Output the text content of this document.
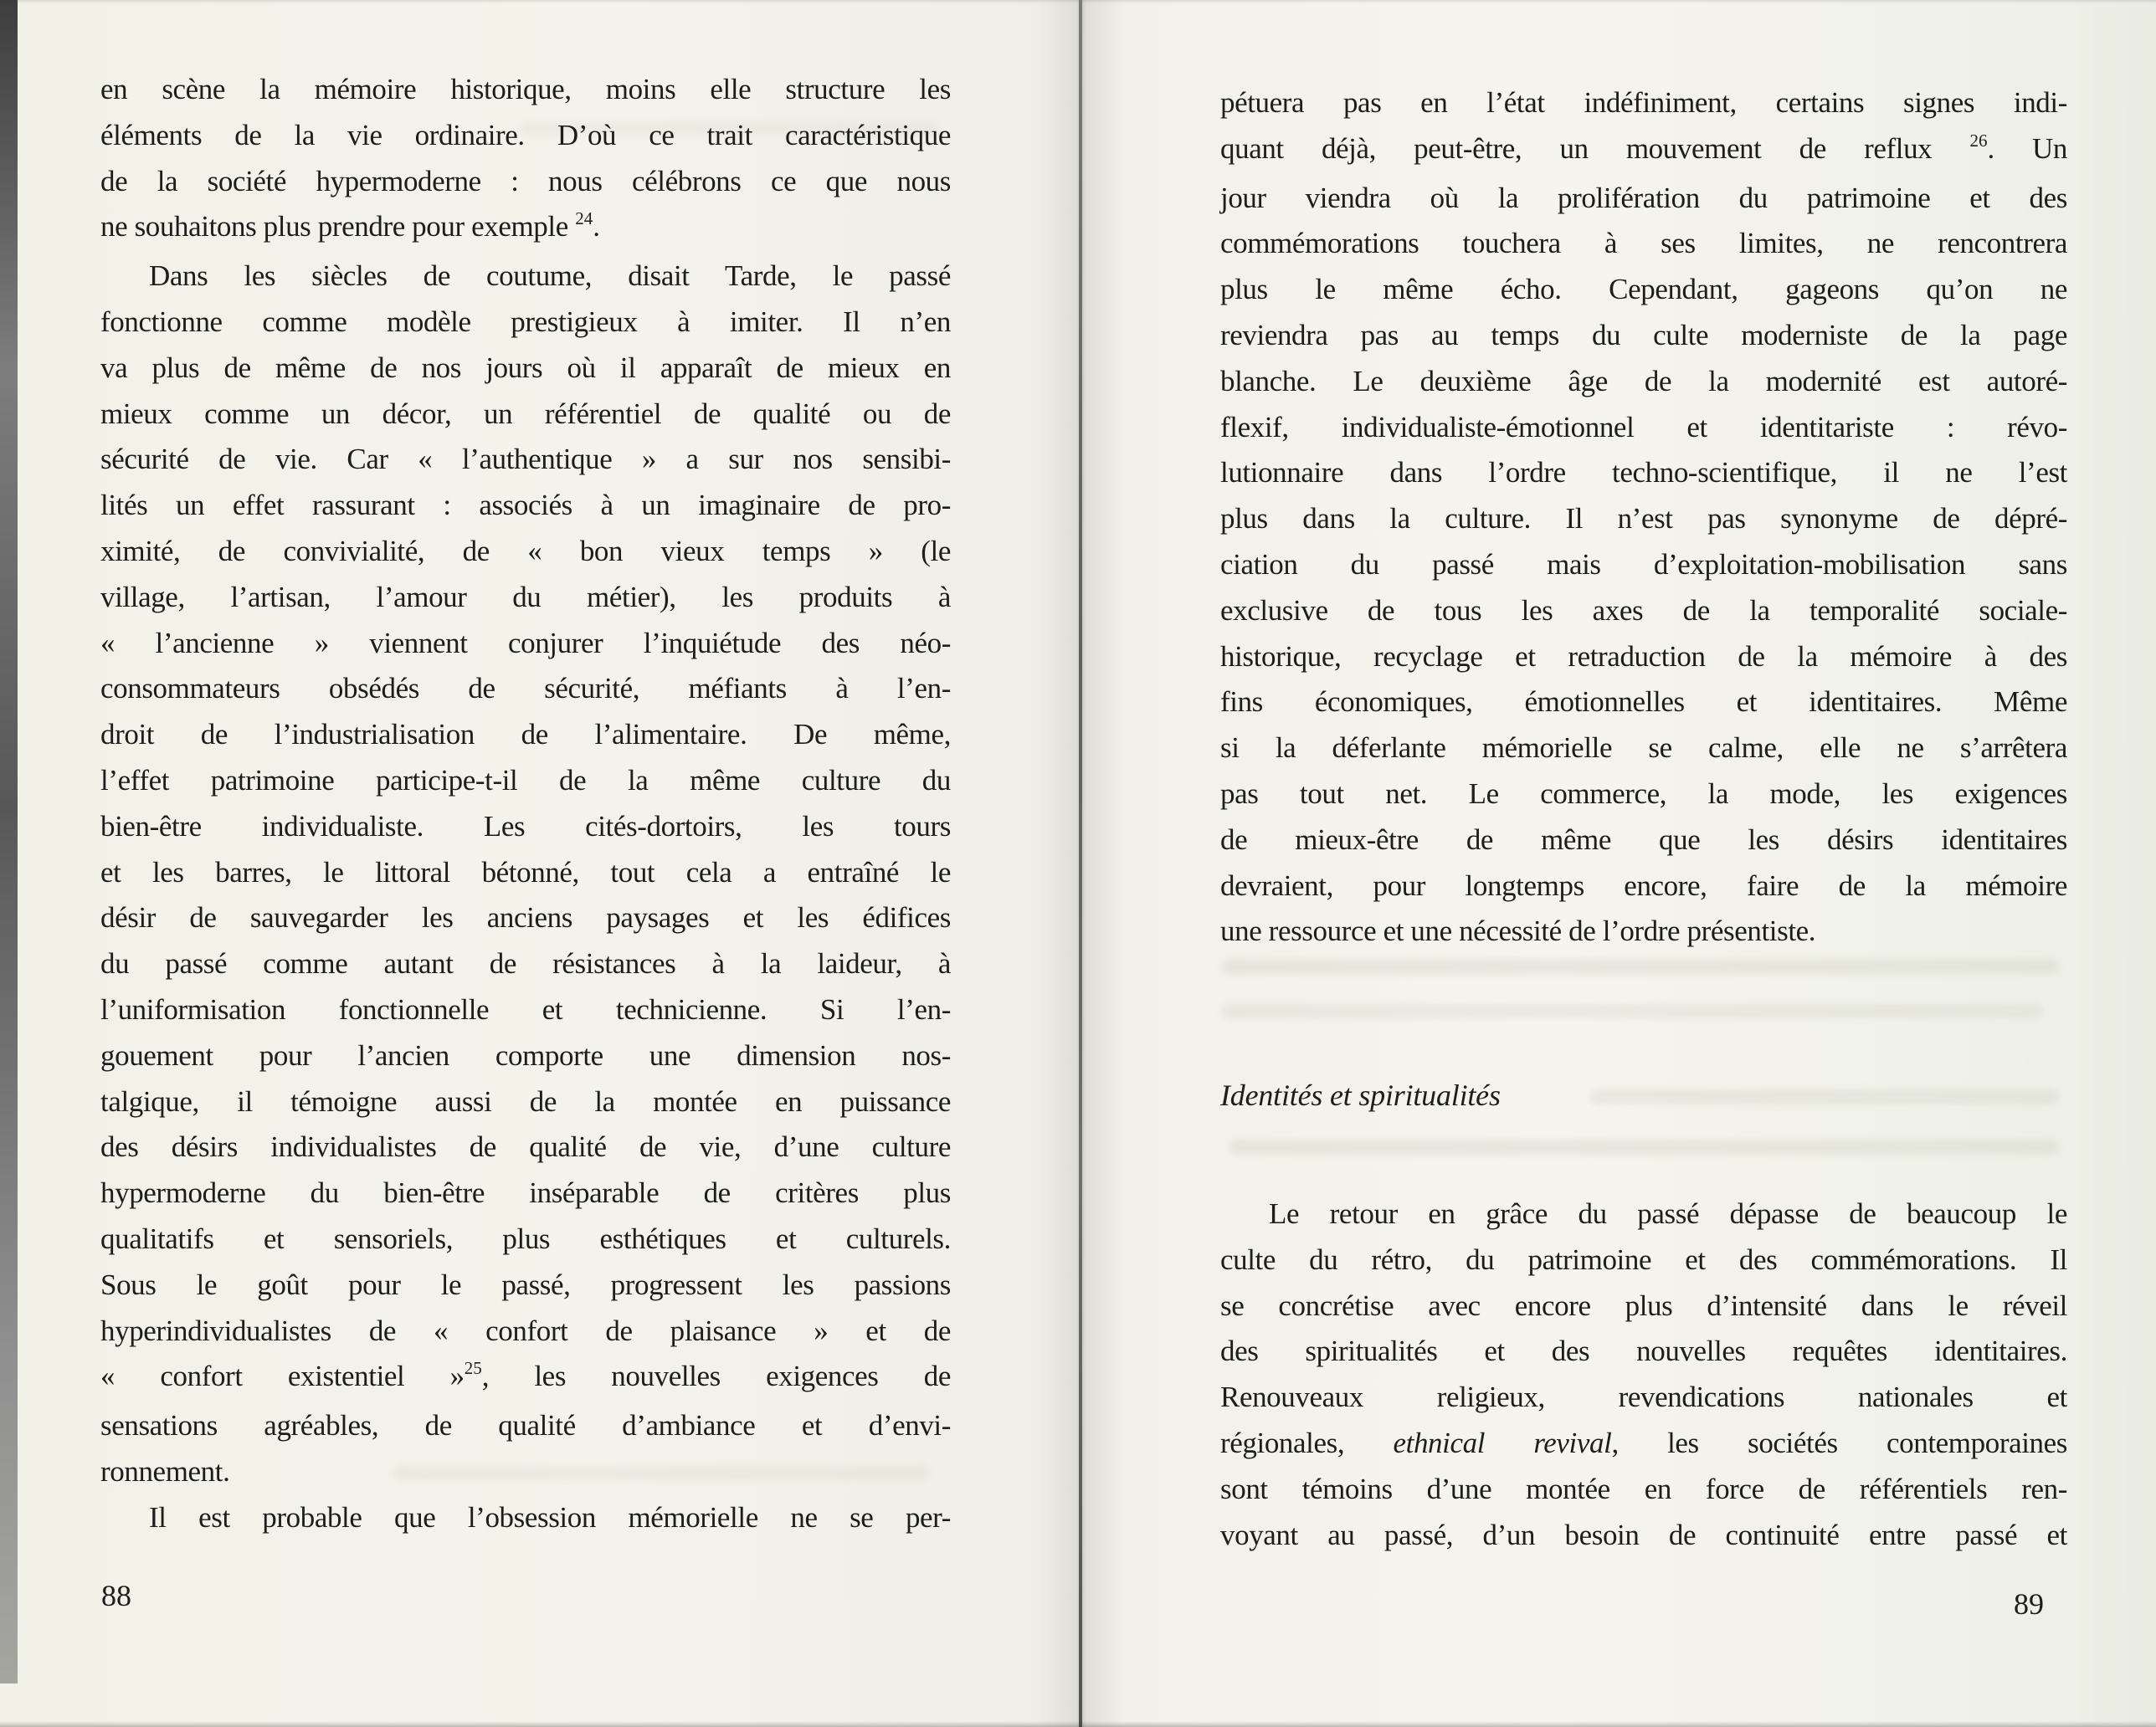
en scène la mémoire historique, moins elle structure les
éléments de la vie ordinaire. D’où ce trait caractéristique
de la société hypermoderne : nous célébrons ce que nous
ne souhaitons plus prendre pour exemple $^{24}$.
Dans les siècles de coutume, disait Tarde, le passé
fonctionne comme modèle prestigieux à imiter. Il n’en
va plus de même de nos jours où il apparaît de mieux en
mieux comme un décor, un référentiel de qualité ou de
sécurité de vie. Car « l’authentique » a sur nos sensibi-
lités un effet rassurant : associés à un imaginaire de pro-
ximité, de convivialité, de « bon vieux temps » (le
village, l’artisan, l’amour du métier), les produits à
« l’ancienne » viennent conjurer l’inquiétude des néo-
consommateurs obsédés de sécurité, méfiants à l’en-
droit de l’industrialisation de l’alimentaire. De même,
l’effet patrimoine participe-t-il de la même culture du
bien-être individualiste. Les cités-dortoirs, les tours
et les barres, le littoral bétonné, tout cela a entraîné le
désir de sauvegarder les anciens paysages et les édifices
du passé comme autant de résistances à la laideur, à
l’uniformisation fonctionnelle et technicienne. Si l’en-
gouement pour l’ancien comporte une dimension nos-
talgique, il témoigne aussi de la montée en puissance
des désirs individualistes de qualité de vie, d’une culture
hypermoderne du bien-être inséparable de critères plus
qualitatifs et sensoriels, plus esthétiques et culturels.
Sous le goût pour le passé, progressent les passions
hyperindividualistes de « confort de plaisance » et de
« confort existentiel »$^{25}$, les nouvelles exigences de
sensations agréables, de qualité d’ambiance et d’envi-
ronnement.
Il est probable que l’obsession mémorielle ne se per-
88
pétuera pas en l’état indéfiniment, certains signes indi-
quant déjà, peut-être, un mouvement de reflux $^{26}$. Un
jour viendra où la prolifération du patrimoine et des
commémorations touchera à ses limites, ne rencontrera
plus le même écho. Cependant, gageons qu’on ne
reviendra pas au temps du culte moderniste de la page
blanche. Le deuxième âge de la modernité est autoré-
flexif, individualiste-émotionnel et identitariste : révo-
lutionnaire dans l’ordre techno-scientifique, il ne l’est
plus dans la culture. Il n’est pas synonyme de dépré-
ciation du passé mais d’exploitation-mobilisation sans
exclusive de tous les axes de la temporalité sociale-
historique, recyclage et retraduction de la mémoire à des
fins économiques, émotionnelles et identitaires. Même
si la déferlante mémorielle se calme, elle ne s’arrêtera
pas tout net. Le commerce, la mode, les exigences
de mieux-être de même que les désirs identitaires
devraient, pour longtemps encore, faire de la mémoire
une ressource et une nécessité de l’ordre présentiste.
Identités et spiritualités
Le retour en grâce du passé dépasse de beaucoup le
culte du rétro, du patrimoine et des commémorations. Il
se concrétise avec encore plus d’intensité dans le réveil
des spiritualités et des nouvelles requêtes identitaires.
Renouveaux religieux, revendications nationales et
régionales, ethnical revival, les sociétés contemporaines
sont témoins d’une montée en force de référentiels ren-
voyant au passé, d’un besoin de continuité entre passé et
89
